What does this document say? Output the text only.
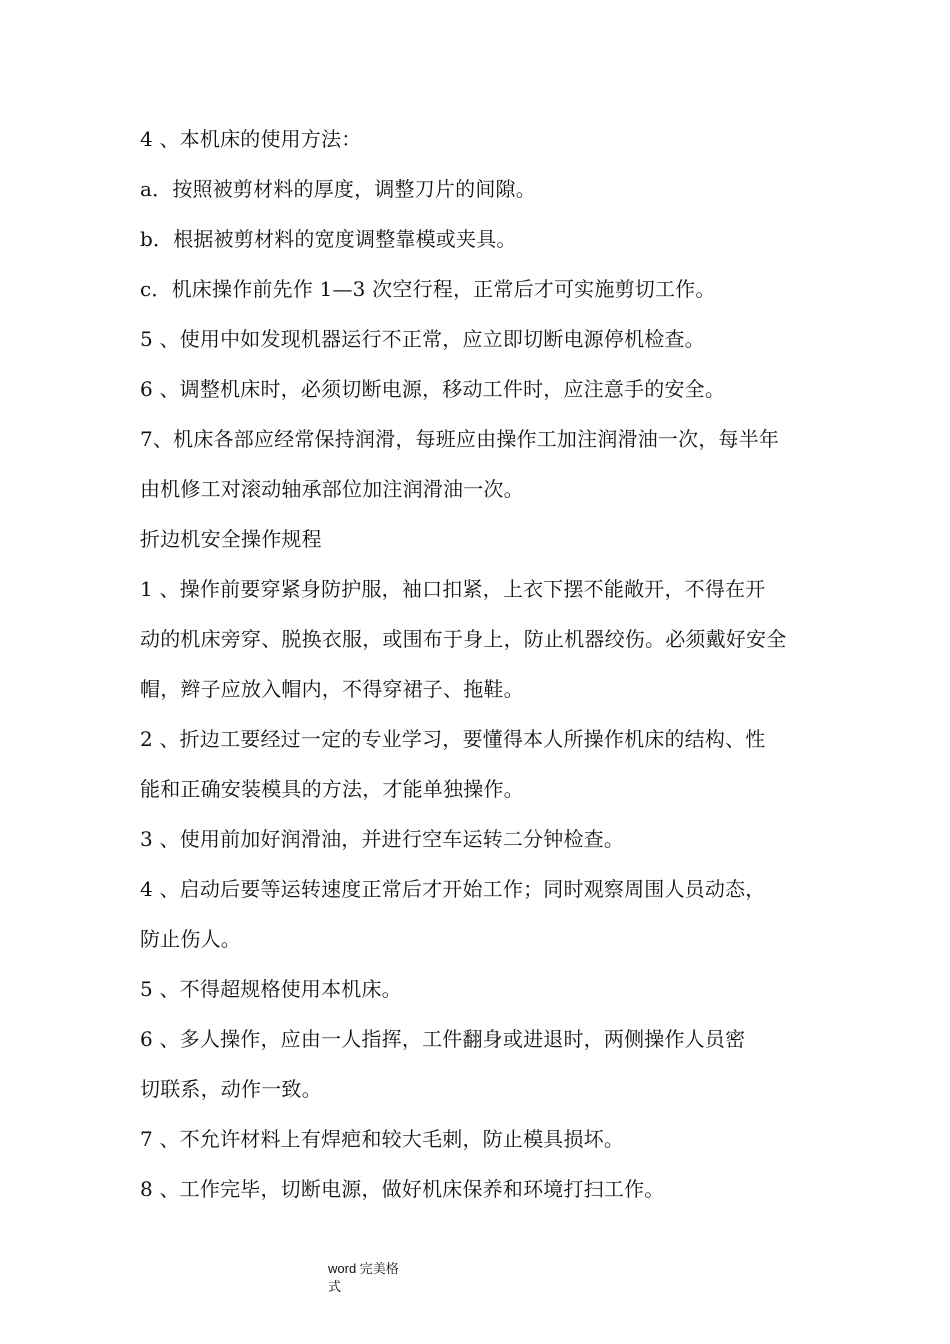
4 、本机床的使用方法：
a．按照被剪材料的厚度，调整刀片的间隙。
b．根据被剪材料的宽度调整靠模或夹具。
c．机床操作前先作 1—3 次空行程，正常后才可实施剪切工作。
5 、使用中如发现机器运行不正常，应立即切断电源停机检查。
6 、调整机床时，必须切断电源，移动工件时，应注意手的安全。
7、机床各部应经常保持润滑，每班应由操作工加注润滑油一次，每半年
由机修工对滚动轴承部位加注润滑油一次。
折边机安全操作规程
1 、操作前要穿紧身防护服，袖口扣紧，上衣下摆不能敞开，不得在开
动的机床旁穿、脱换衣服，或围布于身上，防止机器绞伤。必须戴好安全
帽，辫子应放入帽内，不得穿裙子、拖鞋。
2 、折边工要经过一定的专业学习，要懂得本人所操作机床的结构、性
能和正确安装模具的方法，才能单独操作。
3 、使用前加好润滑油，并进行空车运转二分钟检查。
4 、启动后要等运转速度正常后才开始工作；同时观察周围人员动态，
防止伤人。
5 、不得超规格使用本机床。
6 、多人操作，应由一人指挥，工件翻身或进退时，两侧操作人员密
切联系，动作一致。
7 、不允许材料上有焊疤和较大毛刺，防止模具损坏。
8 、工作完毕，切断电源，做好机床保养和环境打扫工作。
word 完美格
式
